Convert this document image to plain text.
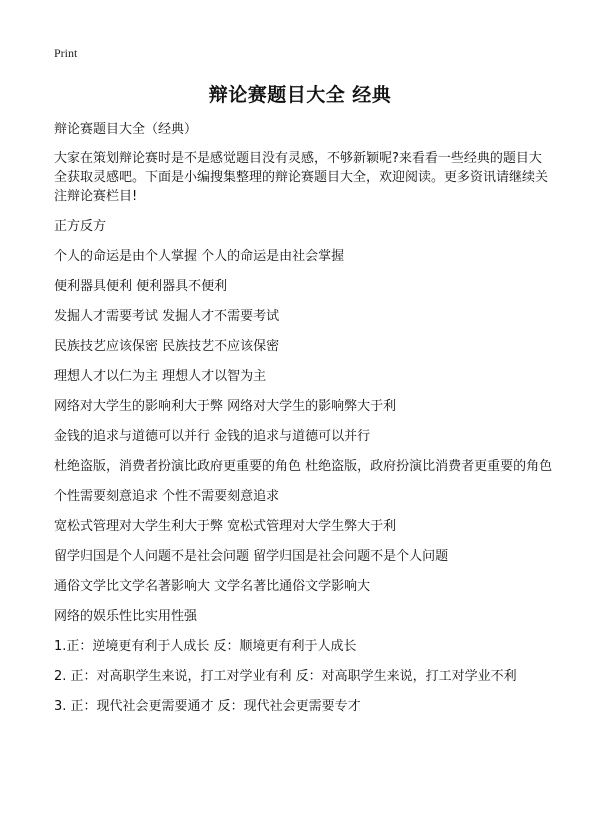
Print
辩论赛题目大全 经典

辩论赛题目大全（经典）

大家在策划辩论赛时是不是感觉题目没有灵感，不够新颖呢?来看看一些经典的题目大全获取灵感吧。下面是小编搜集整理的辩论赛题目大全，欢迎阅读。更多资讯请继续关注辩论赛栏目!

正方反方

个人的命运是由个人掌握 个人的命运是由社会掌握

便利器具便利 便利器具不便利

发掘人才需要考试 发掘人才不需要考试

民族技艺应该保密 民族技艺不应该保密

理想人才以仁为主 理想人才以智为主

网络对大学生的影响利大于弊 网络对大学生的影响弊大于利

金钱的追求与道德可以并行 金钱的追求与道德可以并行

杜绝盗版，消费者扮演比政府更重要的角色 杜绝盗版，政府扮演比消费者更重要的角色

个性需要刻意追求 个性不需要刻意追求

宽松式管理对大学生利大于弊 宽松式管理对大学生弊大于利

留学归国是个人问题不是社会问题 留学归国是社会问题不是个人问题

通俗文学比文学名著影响大 文学名著比通俗文学影响大

网络的娱乐性比实用性强

1.正：逆境更有利于人成长 反：顺境更有利于人成长

2. 正：对高职学生来说，打工对学业有利 反：对高职学生来说，打工对学业不利

3. 正：现代社会更需要通才 反：现代社会更需要专才
